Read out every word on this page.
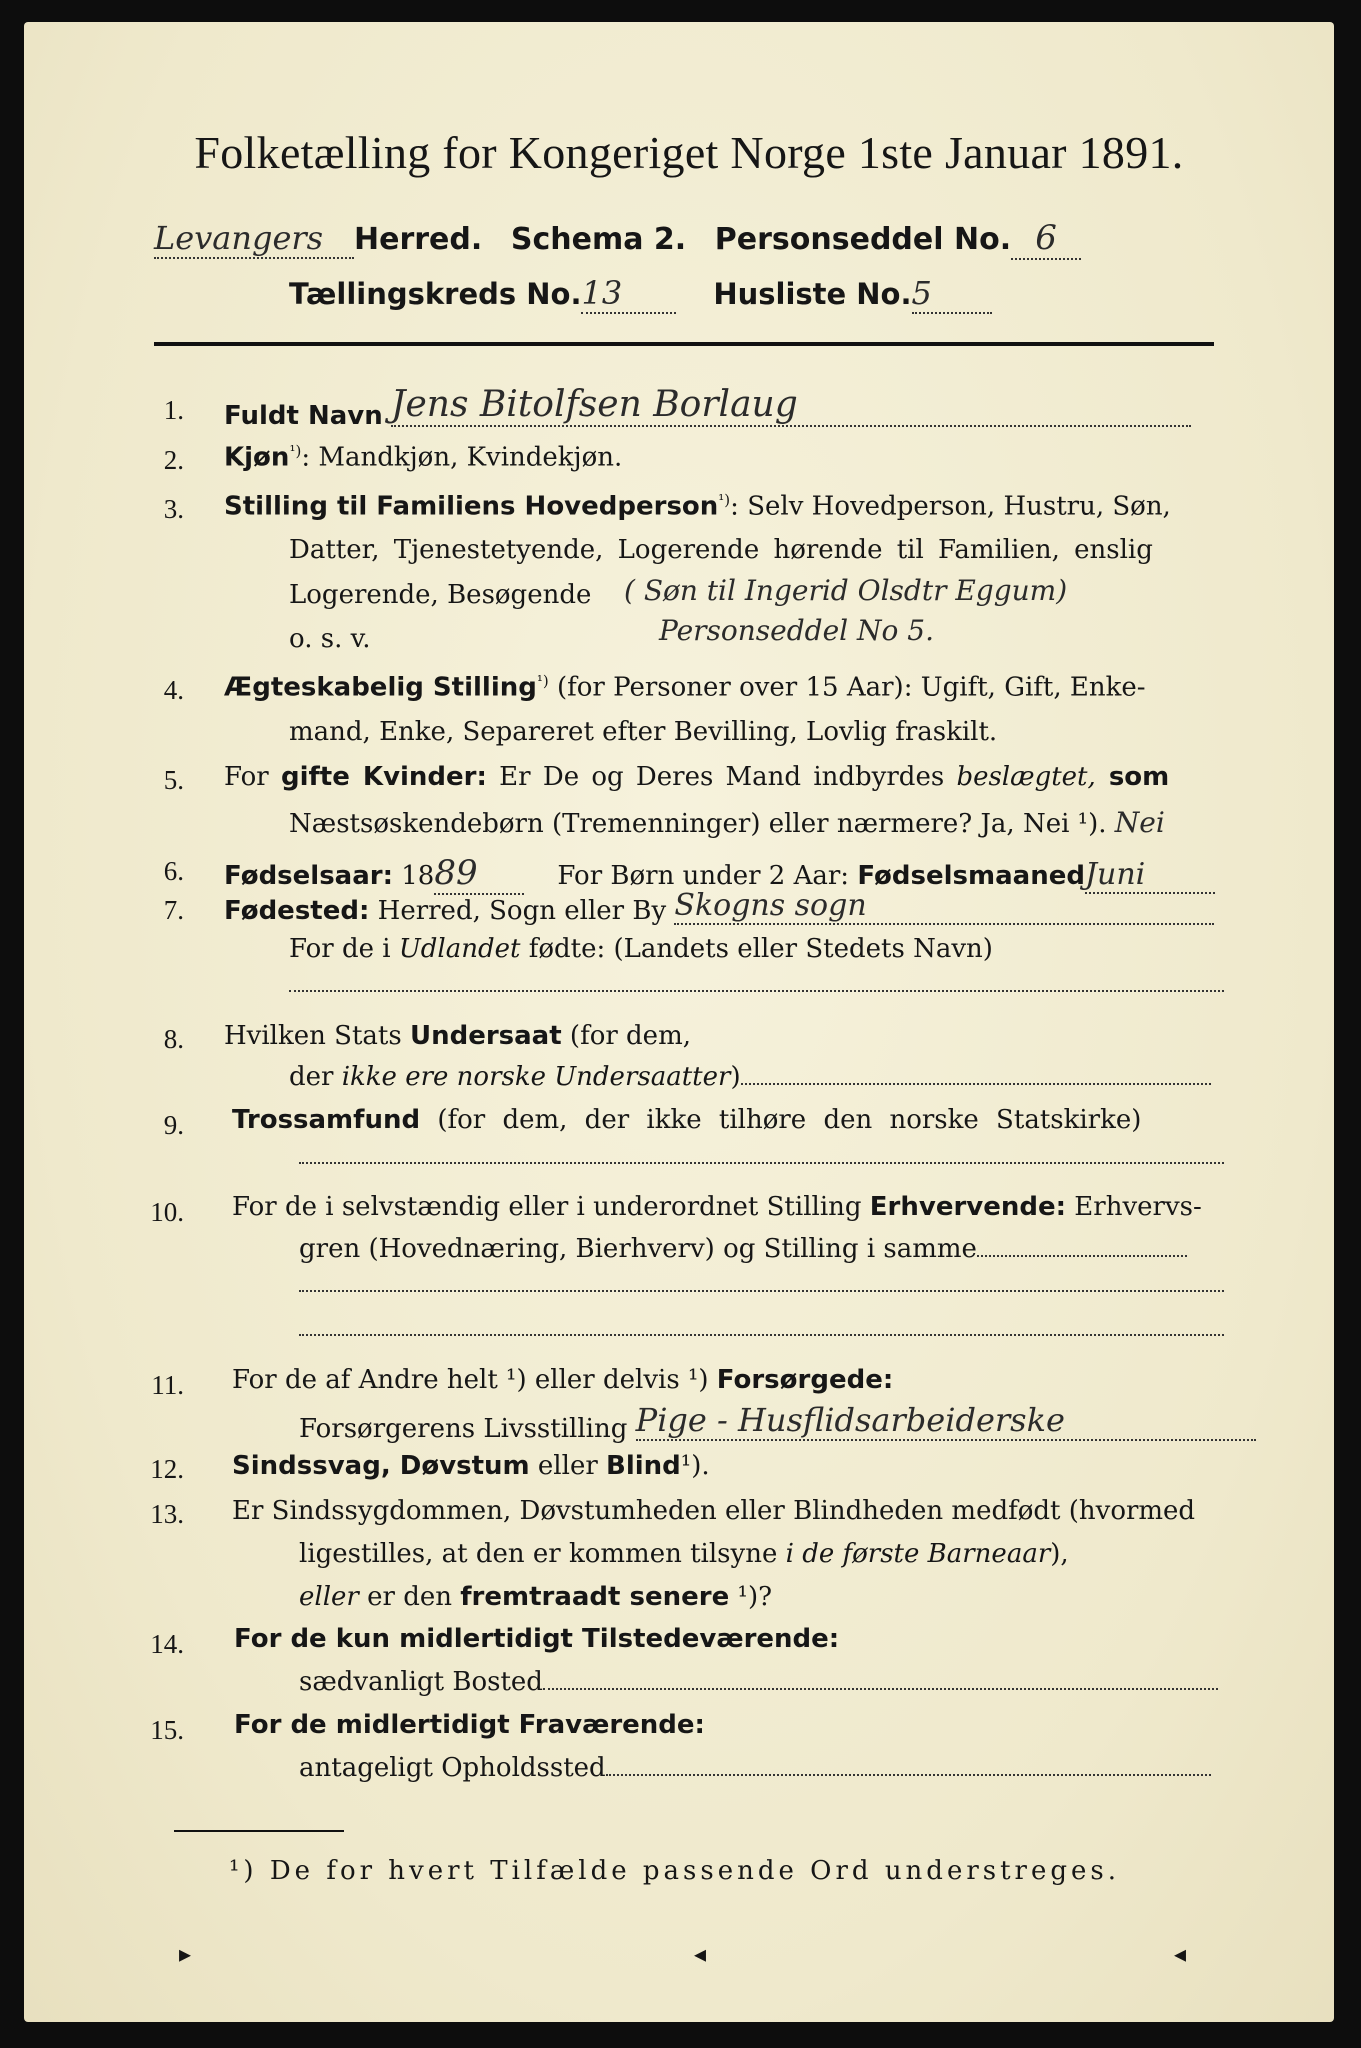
Folketælling for Kongeriget Norge 1ste Januar 1891.
Levangers Herred. Schema 2. Personseddel No. 6
Tællingskreds No.13	Husliste No.5
1. Fuldt Navn Jens Bitolfsen Borlaug
2. Kjøn$^{^1)}$: Mandkjøn, Kvindekjøn.
3. Stilling til Familiens Hovedperson$^{^1)}$: Selv Hovedperson, Hustru, Søn,
Datter, Tjenestetyende, Logerende hørende til Familien, enslig
Logerende, Besøgende
o. s. v.
( Søn til Ingerid Olsdtr Eggum)
Personseddel No 5.
4. Ægteskabelig Stilling$^{^1)}$ (for Personer over 15 Aar): Ugift, Gift, Enke-
mand, Enke, Separeret efter Bevilling, Lovlig fraskilt.
5. For gifte Kvinder: Er De og Deres Mand indbyrdes beslægtet, som
Næstsøskendebørn (Tremenninger) eller nærmere? Ja, Nei ¹). Nei
6. Fødselsaar: 1889	For Børn under 2 Aar: FødselsmaanedJuni
7. Fødested: Herred, Sogn eller By Skogns sogn
For de i Udlandet fødte: (Landets eller Stedets Navn)
8. Hvilken Stats Undersaat (for dem,
der ikke ere norske Undersaatter)
9. Trossamfund (for dem, der ikke tilhøre den norske Statskirke)
10. For de i selvstændig eller i underordnet Stilling Erhvervende: Erhvervs-
gren (Hovednæring, Bierhverv) og Stilling i samme
11. For de af Andre helt ¹) eller delvis ¹) Forsørgede:
Forsørgerens Livsstilling Pige - Husflidsarbeiderske
12. Sindssvag, Døvstum eller Blind¹).
13. Er Sindssygdommen, Døvstumheden eller Blindheden medfødt (hvormed
ligestilles, at den er kommen tilsyne i de første Barneaar),
eller er den fremtraadt senere ¹)?
14. For de kun midlertidigt Tilstedeværende:
sædvanligt Bosted
15. For de midlertidigt Fraværende:
antageligt Opholdssted
¹) De for hvert Tilfælde passende Ord understreges.
▸	◂	◂
